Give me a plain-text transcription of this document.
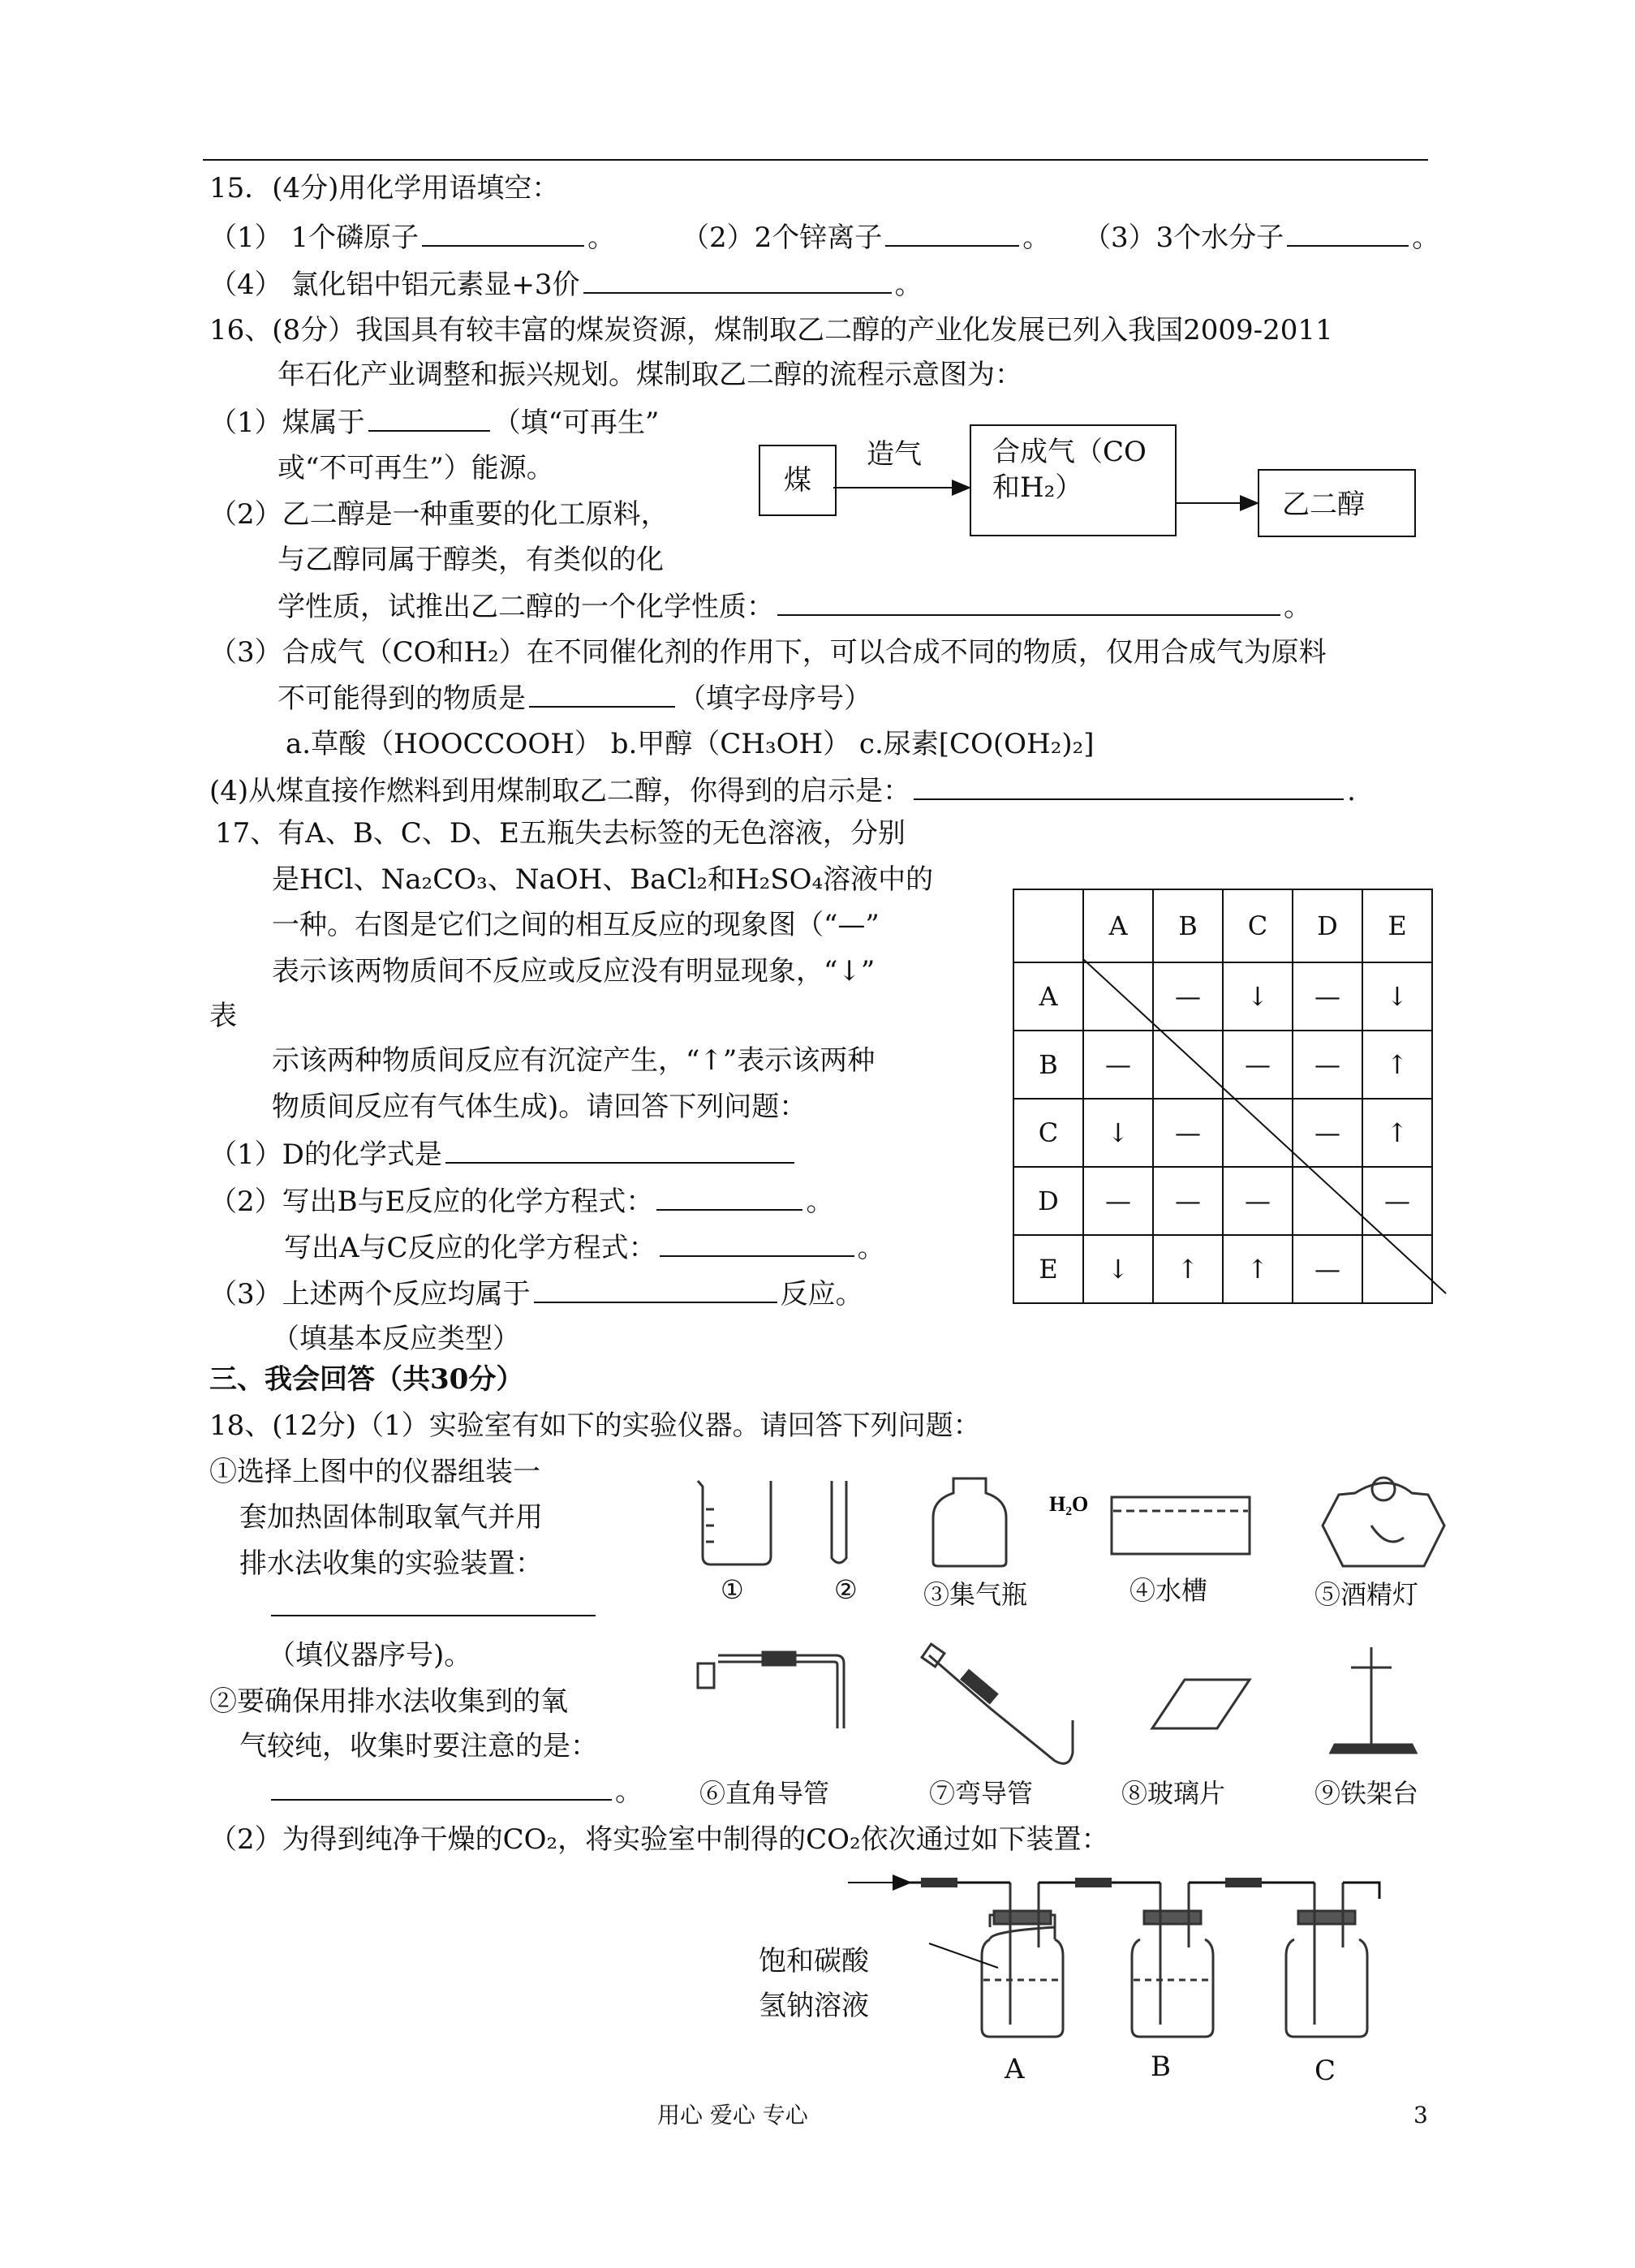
15．(4分)用化学用语填空：
（1） 1个磷原子	。 （2）2个锌离子	。 （3）3个水分子	。
（4） 氯化铝中铝元素显+3价	。
16、(8分）我国具有较丰富的煤炭资源，煤制取乙二醇的产业化发展已列入我国2009-2011
年石化产业调整和振兴规划。煤制取乙二醇的流程示意图为：
（1）煤属于	（填“可再生”
或“不可再生”）能源。
（2）乙二醇是一种重要的化工原料，
与乙醇同属于醇类，有类似的化
学性质，试推出乙二醇的一个化学性质：	。
（3）合成气（CO和H₂）在不同催化剂的作用下，可以合成不同的物质，仅用合成气为原料
不可能得到的物质是	（填字母序号）
a.草酸（HOOCCOOH） b.甲醇（CH₃OH） c.尿素[CO(OH₂)₂]
(4)从煤直接作燃料到用煤制取乙二醇，你得到的启示是：	.
煤
造气	合成气（CO
和H₂）
乙二醇
17、有A、B、C、D、E五瓶失去标签的无色溶液，分别
是HCl、Na₂CO₃、NaOH、BaCl₂和H₂SO₄溶液中的
一种。右图是它们之间的相互反应的现象图（“—”
表示该两物质间不反应或反应没有明显现象，“↓”
表
示该两种物质间反应有沉淀产生，“↑”表示该两种
物质间反应有气体生成)。请回答下列问题：
（1）D的化学式是
（2）写出B与E反应的化学方程式：	。
写出A与C反应的化学方程式：	。
（3）上述两个反应均属于	反应。
（填基本反应类型）
	A	B	C	D	E
A		—	↓	—	↓
B	—		—	—	↑
C	↓	—		—	↑
D	—	—	—		—
E	↓	↑	↑	—	
三、我会回答（共30分）
18、(12分)（1）实验室有如下的实验仪器。请回答下列问题：
①选择上图中的仪器组装一
套加热固体制取氧气并用
排水法收集的实验装置：
（填仪器序号)。
②要确保用排水法收集到的氧
气较纯，收集时要注意的是：
。
（2）为得到纯净干燥的CO₂，将实验室中制得的CO₂依次通过如下装置：
H₂O
①	②	③集气瓶	④水槽	⑤酒精灯
⑥直角导管	⑦弯导管	⑧玻璃片	⑨铁架台
饱和碳酸
氢钠溶液
A	B	C
用心 爱心 专心	3
